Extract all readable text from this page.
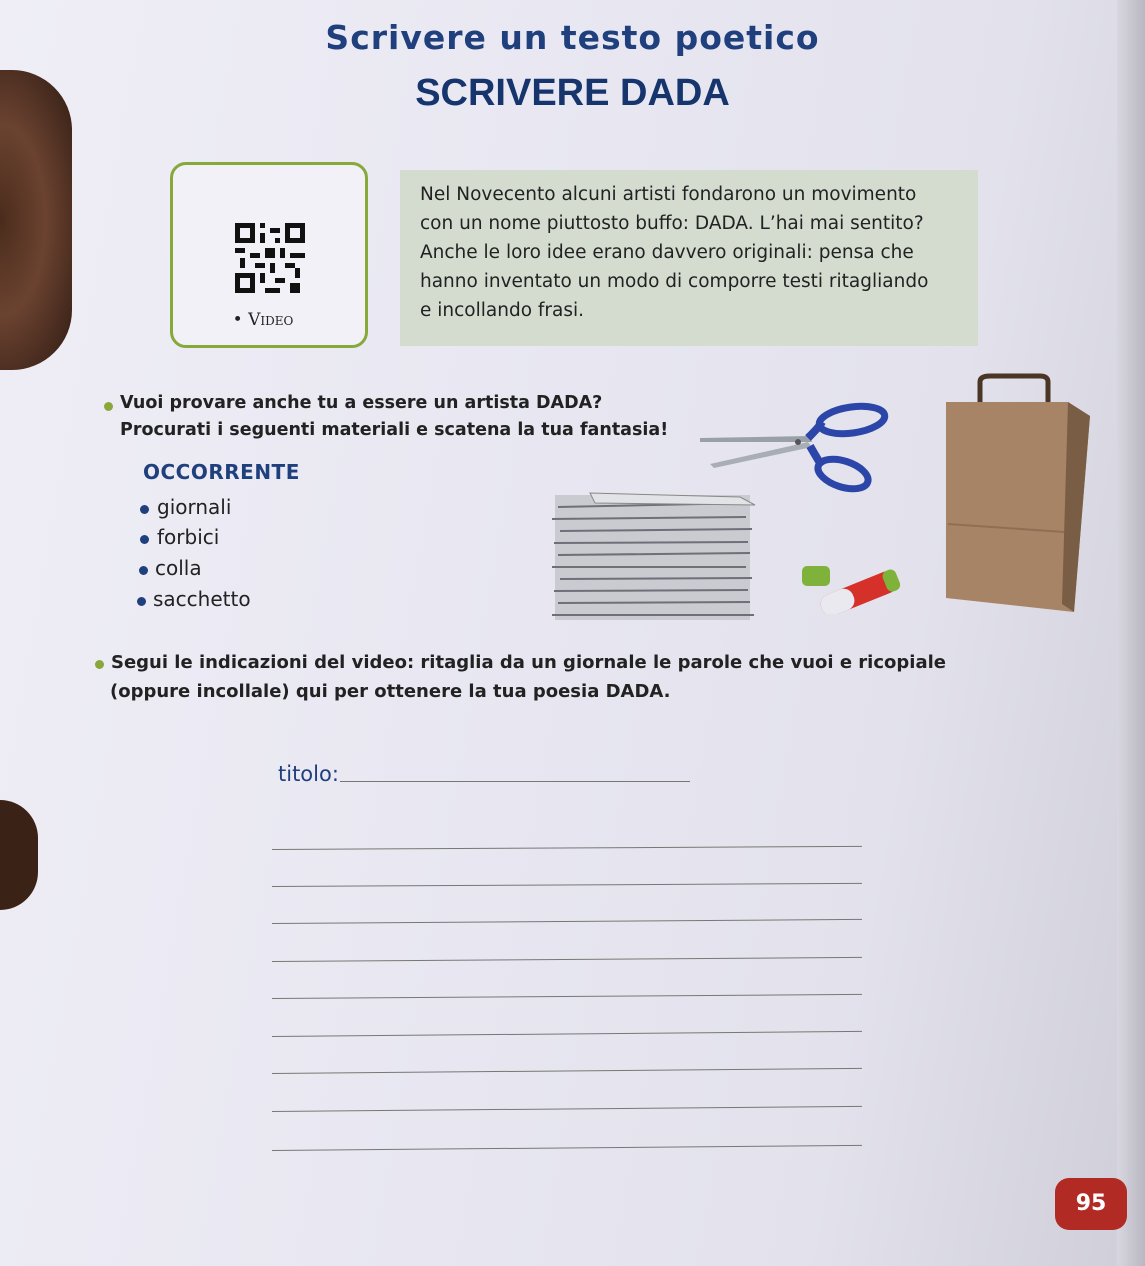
Scrivere un testo poetico
SCRIVERE DADA
• Video
Nel Novecento alcuni artisti fondarono un movimento
con un nome piuttosto buffo: DADA. L’hai mai sentito?
Anche le loro idee erano davvero originali: pensa che
hanno inventato un modo di comporre testi ritagliando
e incollando frasi.
Vuoi provare anche tu a essere un artista DADA?
Procurati i seguenti materiali e scatena la tua fantasia!
OCCORRENTE
giornali
forbici
colla
sacchetto
Segui le indicazioni del video: ritaglia da un giornale le parole che vuoi e ricopiale
(oppure incollale) qui per ottenere la tua poesia DADA.
titolo:
95
